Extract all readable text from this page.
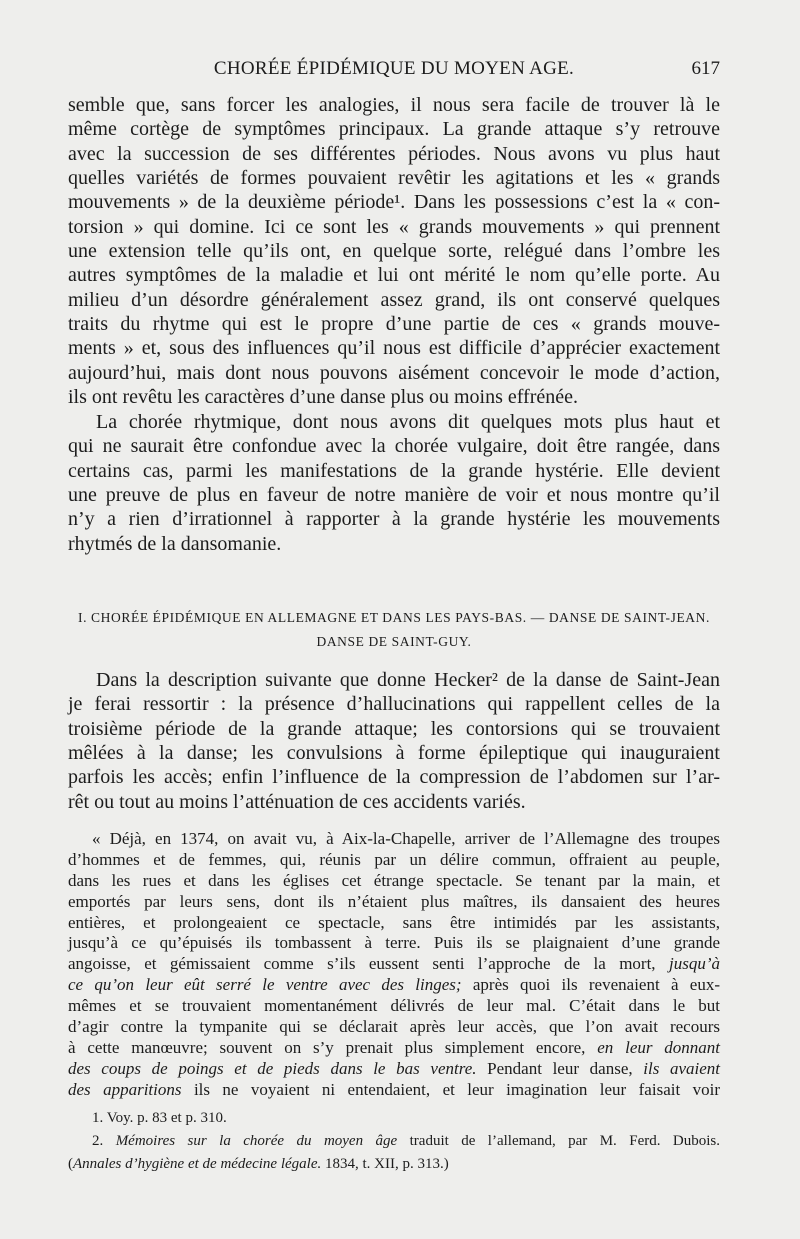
CHORÉE ÉPIDÉMIQUE DU MOYEN AGE.	617
semble que, sans forcer les analogies, il nous sera facile de trouver là le
même cortège de symptômes principaux. La grande attaque s’y retrouve
avec la succession de ses différentes périodes. Nous avons vu plus haut
quelles variétés de formes pouvaient revêtir les agitations et les « grands
mouvements » de la deuxième période¹. Dans les possessions c’est la « con-
torsion » qui domine. Ici ce sont les « grands mouvements » qui prennent
une extension telle qu’ils ont, en quelque sorte, relégué dans l’ombre les
autres symptômes de la maladie et lui ont mérité le nom qu’elle porte. Au
milieu d’un désordre généralement assez grand, ils ont conservé quelques
traits du rhytme qui est le propre d’une partie de ces « grands mouve-
ments » et, sous des influences qu’il nous est difficile d’apprécier exactement
aujourd’hui, mais dont nous pouvons aisément concevoir le mode d’action,
ils ont revêtu les caractères d’une danse plus ou moins effrénée.
La chorée rhytmique, dont nous avons dit quelques mots plus haut et
qui ne saurait être confondue avec la chorée vulgaire, doit être rangée, dans
certains cas, parmi les manifestations de la grande hystérie. Elle devient
une preuve de plus en faveur de notre manière de voir et nous montre qu’il
n’y a rien d’irrationnel à rapporter à la grande hystérie les mouvements
rhytmés de la dansomanie.
I. CHORÉE ÉPIDÉMIQUE EN ALLEMAGNE ET DANS LES PAYS-BAS. — DANSE DE SAINT-JEAN.
DANSE DE SAINT-GUY.
Dans la description suivante que donne Hecker² de la danse de Saint-Jean
je ferai ressortir : la présence d’hallucinations qui rappellent celles de la
troisième période de la grande attaque; les contorsions qui se trouvaient
mêlées à la danse; les convulsions à forme épileptique qui inauguraient
parfois les accès; enfin l’influence de la compression de l’abdomen sur l’ar-
rêt ou tout au moins l’atténuation de ces accidents variés.
« Déjà, en 1374, on avait vu, à Aix-la-Chapelle, arriver de l’Allemagne des troupes
d’hommes et de femmes, qui, réunis par un délire commun, offraient au peuple,
dans les rues et dans les églises cet étrange spectacle. Se tenant par la main, et
emportés par leurs sens, dont ils n’étaient plus maîtres, ils dansaient des heures
entières, et prolongeaient ce spectacle, sans être intimidés par les assistants,
jusqu’à ce qu’épuisés ils tombassent à terre. Puis ils se plaignaient d’une grande
angoisse, et gémissaient comme s’ils eussent senti l’approche de la mort, jusqu’à
ce qu’on leur eût serré le ventre avec des linges; après quoi ils revenaient à eux-
mêmes et se trouvaient momentanément délivrés de leur mal. C’était dans le but
d’agir contre la tympanite qui se déclarait après leur accès, que l’on avait recours
à cette manœuvre; souvent on s’y prenait plus simplement encore, en leur donnant
des coups de poings et de pieds dans le bas ventre. Pendant leur danse, ils avaient
des apparitions ils ne voyaient ni entendaient, et leur imagination leur faisait voir
1. Voy. p. 83 et p. 310.
2. Mémoires sur la chorée du moyen âge traduit de l’allemand, par M. Ferd. Dubois.
(Annales d’hygiène et de médecine légale. 1834, t. XII, p. 313.)
